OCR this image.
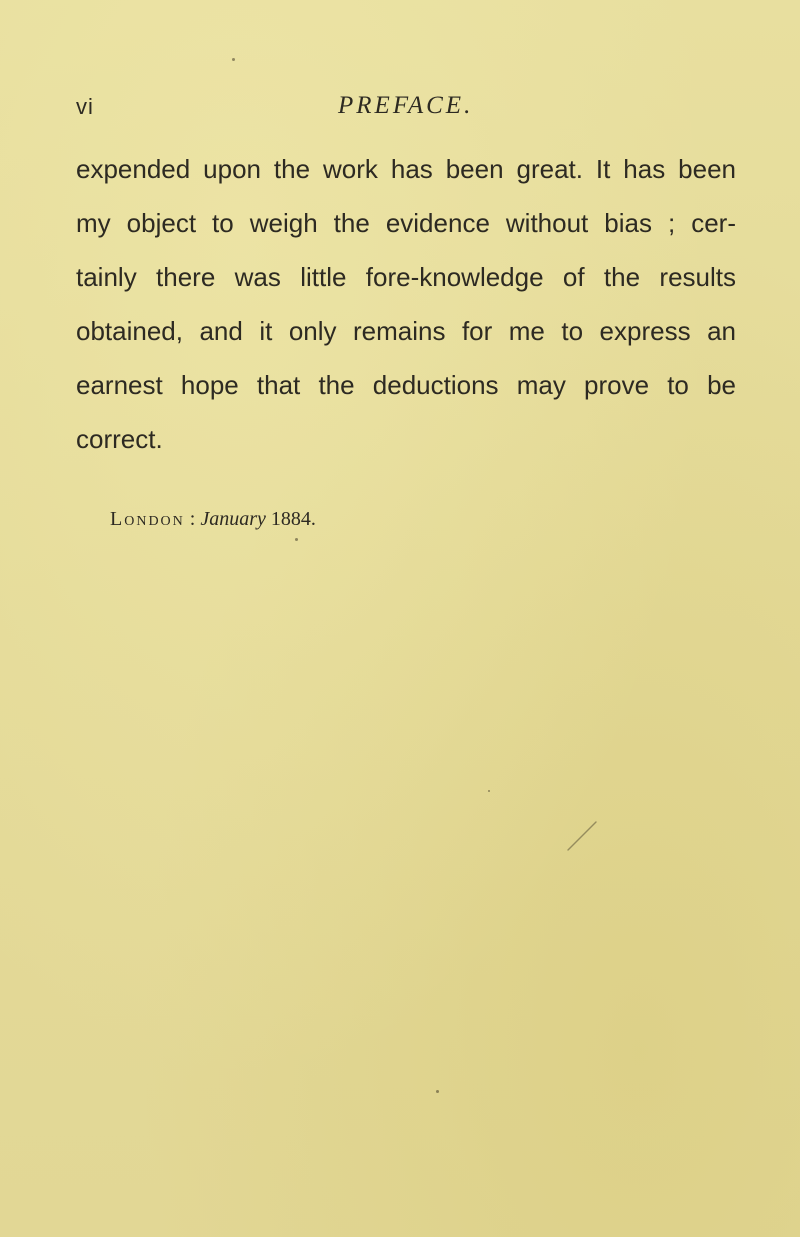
vi	PREFACE.
expended upon the work has been great. It has been
my object to weigh the evidence without bias ; cer-
tainly there was little fore-knowledge of the results
obtained, and it only remains for me to express an
earnest hope that the deductions may prove to be
correct.
London : January 1884.
